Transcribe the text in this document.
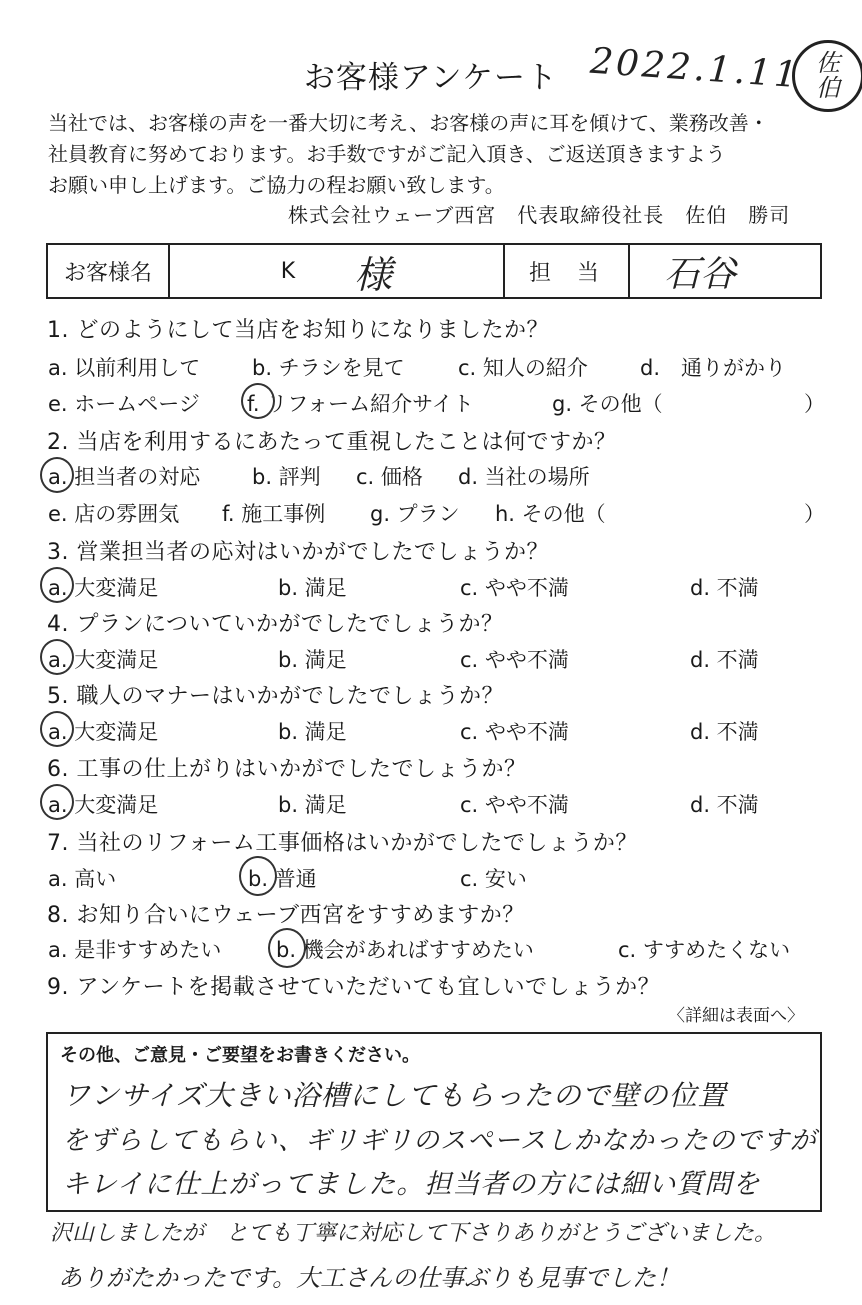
お客様アンケート 2022.1.11 佐
伯
当社では、お客様の声を一番大切に考え、お客様の声に耳を傾けて、業務改善・
社員教育に努めております。お手数ですがご記入頂き、ご返送頂きますよう
お願い申し上げます。ご協力の程お願い致します。
株式会社ウェーブ西宮　代表取締役社長　佐伯　勝司
お客様名	K	様	担　当	石谷
1. どのようにして当店をお知りになりましたか？
a. 以前利用して b. チラシを見て	c. 知人の紹介 d.　通りがかり
e. ホームページ f. リフォーム紹介サイト	g. その他（	）
2. 当店を利用するにあたって重視したことは何ですか？
a. 担当者の対応 b. 評判 c. 価格 d. 当社の場所
e. 店の雰囲気 f. 施工事例 g. プラン h. その他（	）
3. 営業担当者の応対はいかがでしたでしょうか？
a. 大変満足	b. 満足	c. やや不満	d. 不満
4. プランについていかがでしたでしょうか？
a. 大変満足	b. 満足	c. やや不満	d. 不満
5. 職人のマナーはいかがでしたでしょうか？
a. 大変満足	b. 満足	c. やや不満	d. 不満
6. 工事の仕上がりはいかがでしたでしょうか？
a. 大変満足	b. 満足	c. やや不満	d. 不満
7. 当社のリフォーム工事価格はいかがでしたでしょうか？
a. 高い	b. 普通	c. 安い
8. お知り合いにウェーブ西宮をすすめますか？
a. 是非すすめたい	b. 機会があればすすめたい	c. すすめたくない
9. アンケートを掲載させていただいても宜しいでしょうか？
〈詳細は表面へ〉
その他、ご意見・ご要望をお書きください。
ワンサイズ大きい浴槽にしてもらったので壁の位置
をずらしてもらい、ギリギリのスペースしかなかったのですが
キレイに仕上がってました。担当者の方には細い質問を
沢山しましたが　とても丁寧に対応して下さりありがとうございました。
ありがたかったです。大工さんの仕事ぶりも見事でした！
